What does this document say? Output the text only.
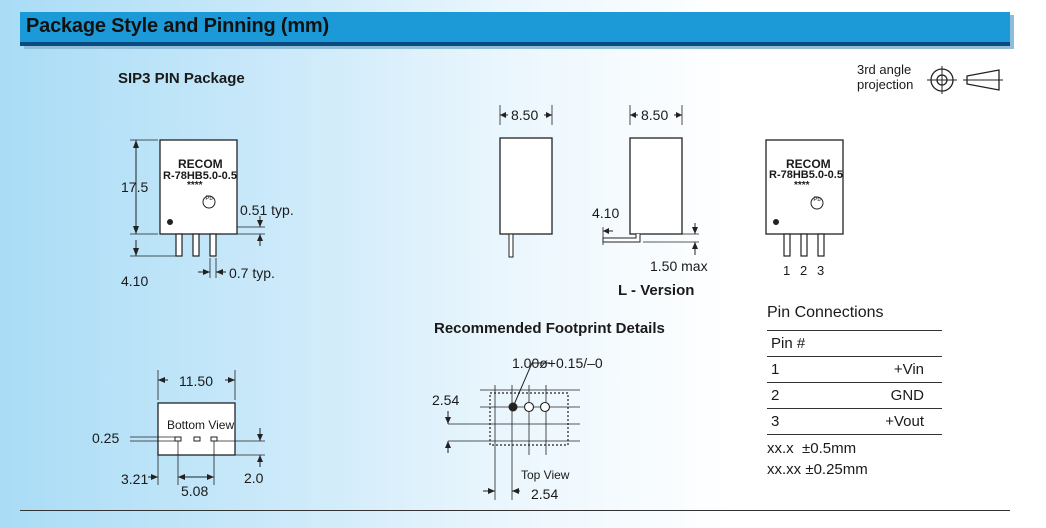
Package Style and Pinning (mm)
3rd angle
projection
SIP3 PIN Package
RECOM
R-78HB5.0-0.5
****
Pb
17.5
0.51 typ.
4.10	0.7 typ.
8.50	8.50
4.10
1.50 max
L - Version
RECOM
R-78HB5.0-0.5
****
Pb
1 2 3
11.50
Bottom View
0.25
3.21
5.08
2.0
Recommended Footprint Details
1.00ø+0.15/–0
2.54
Top View
2.54
Pin Connections
Pin #
1	+Vin
2	GND
3	+Vout
xx.x ±0.5mm
xx.xx ±0.25mm
